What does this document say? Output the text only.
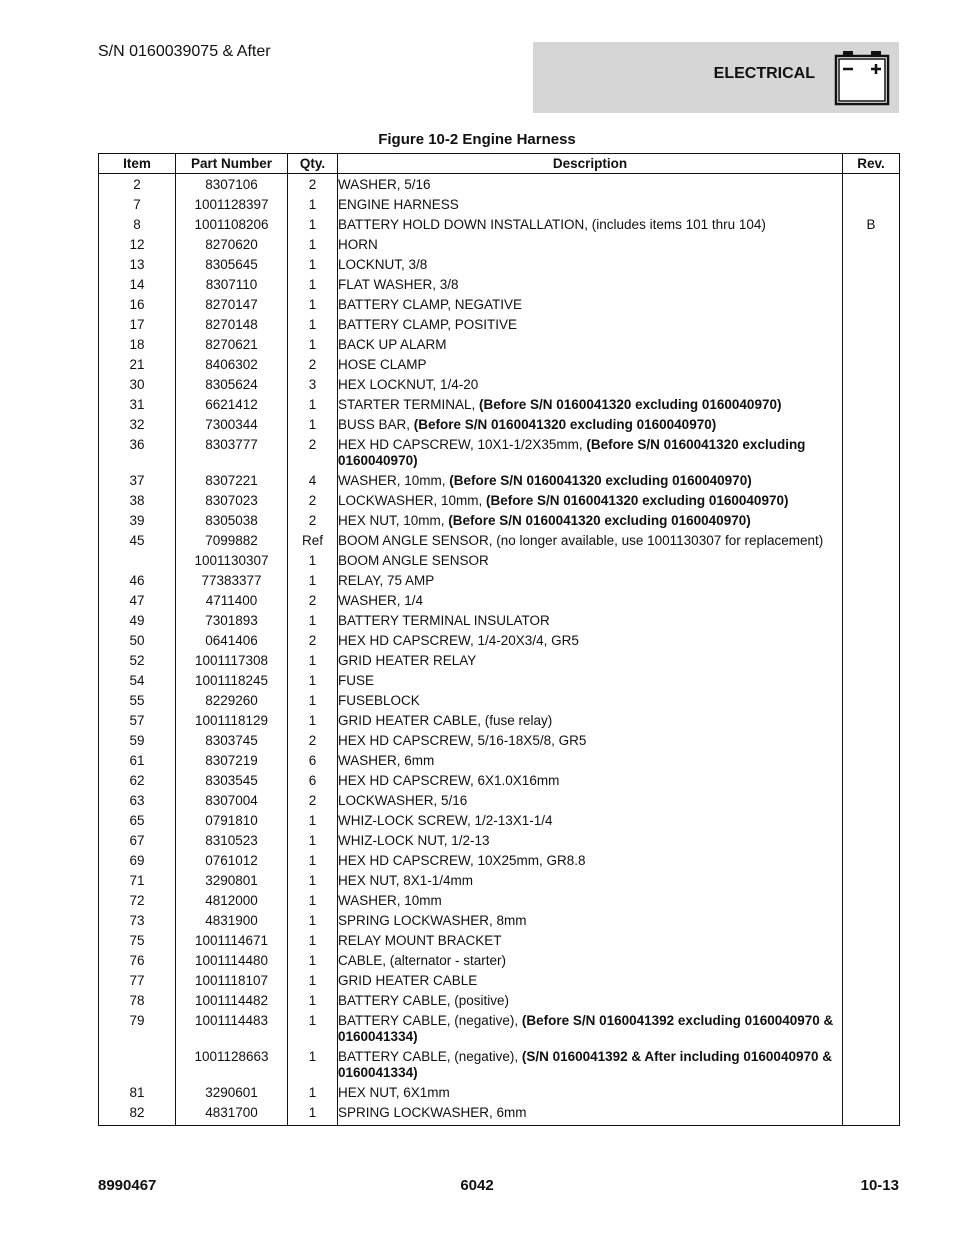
S/N 0160039075 & After
ELECTRICAL
Figure 10-2 Engine Harness
Item	Part Number	Qty.	Description	Rev.
2	8307106	2	WASHER, 5/16	
7	1001128397	1	ENGINE HARNESS	
8	1001108206	1	BATTERY HOLD DOWN INSTALLATION, (includes items 101 thru 104)	B
12	8270620	1	HORN	
13	8305645	1	LOCKNUT, 3/8	
14	8307110	1	FLAT WASHER, 3/8	
16	8270147	1	BATTERY CLAMP, NEGATIVE	
17	8270148	1	BATTERY CLAMP, POSITIVE	
18	8270621	1	BACK UP ALARM	
21	8406302	2	HOSE CLAMP	
30	8305624	3	HEX LOCKNUT, 1/4-20	
31	6621412	1	STARTER TERMINAL, (Before S/N 0160041320 excluding 0160040970)	
32	7300344	1	BUSS BAR, (Before S/N 0160041320 excluding 0160040970)	
36	8303777	2	HEX HD CAPSCREW, 10X1-1/2X35mm, (Before S/N 0160041320 excluding 0160040970)	
37	8307221	4	WASHER, 10mm, (Before S/N 0160041320 excluding 0160040970)	
38	8307023	2	LOCKWASHER, 10mm, (Before S/N 0160041320 excluding 0160040970)	
39	8305038	2	HEX NUT, 10mm, (Before S/N 0160041320 excluding 0160040970)	
45	7099882	Ref	BOOM ANGLE SENSOR, (no longer available, use 1001130307 for replacement)	
	1001130307	1	BOOM ANGLE SENSOR	
46	77383377	1	RELAY, 75 AMP	
47	4711400	2	WASHER, 1/4	
49	7301893	1	BATTERY TERMINAL INSULATOR	
50	0641406	2	HEX HD CAPSCREW, 1/4-20X3/4, GR5	
52	1001117308	1	GRID HEATER RELAY	
54	1001118245	1	FUSE	
55	8229260	1	FUSEBLOCK	
57	1001118129	1	GRID HEATER CABLE, (fuse relay)	
59	8303745	2	HEX HD CAPSCREW, 5/16-18X5/8, GR5	
61	8307219	6	WASHER, 6mm	
62	8303545	6	HEX HD CAPSCREW, 6X1.0X16mm	
63	8307004	2	LOCKWASHER, 5/16	
65	0791810	1	WHIZ-LOCK SCREW, 1/2-13X1-1/4	
67	8310523	1	WHIZ-LOCK NUT, 1/2-13	
69	0761012	1	HEX HD CAPSCREW, 10X25mm, GR8.8	
71	3290801	1	HEX NUT, 8X1-1/4mm	
72	4812000	1	WASHER, 10mm	
73	4831900	1	SPRING LOCKWASHER, 8mm	
75	1001114671	1	RELAY MOUNT BRACKET	
76	1001114480	1	CABLE, (alternator - starter)	
77	1001118107	1	GRID HEATER CABLE	
78	1001114482	1	BATTERY CABLE, (positive)	
79	1001114483	1	BATTERY CABLE, (negative), (Before S/N 0160041392 excluding 0160040970 & 0160041334)	
	1001128663	1	BATTERY CABLE, (negative), (S/N 0160041392 & After including 0160040970 & 0160041334)	
81	3290601	1	HEX NUT, 6X1mm	
82	4831700	1	SPRING LOCKWASHER, 6mm	
8990467	6042	10-13
